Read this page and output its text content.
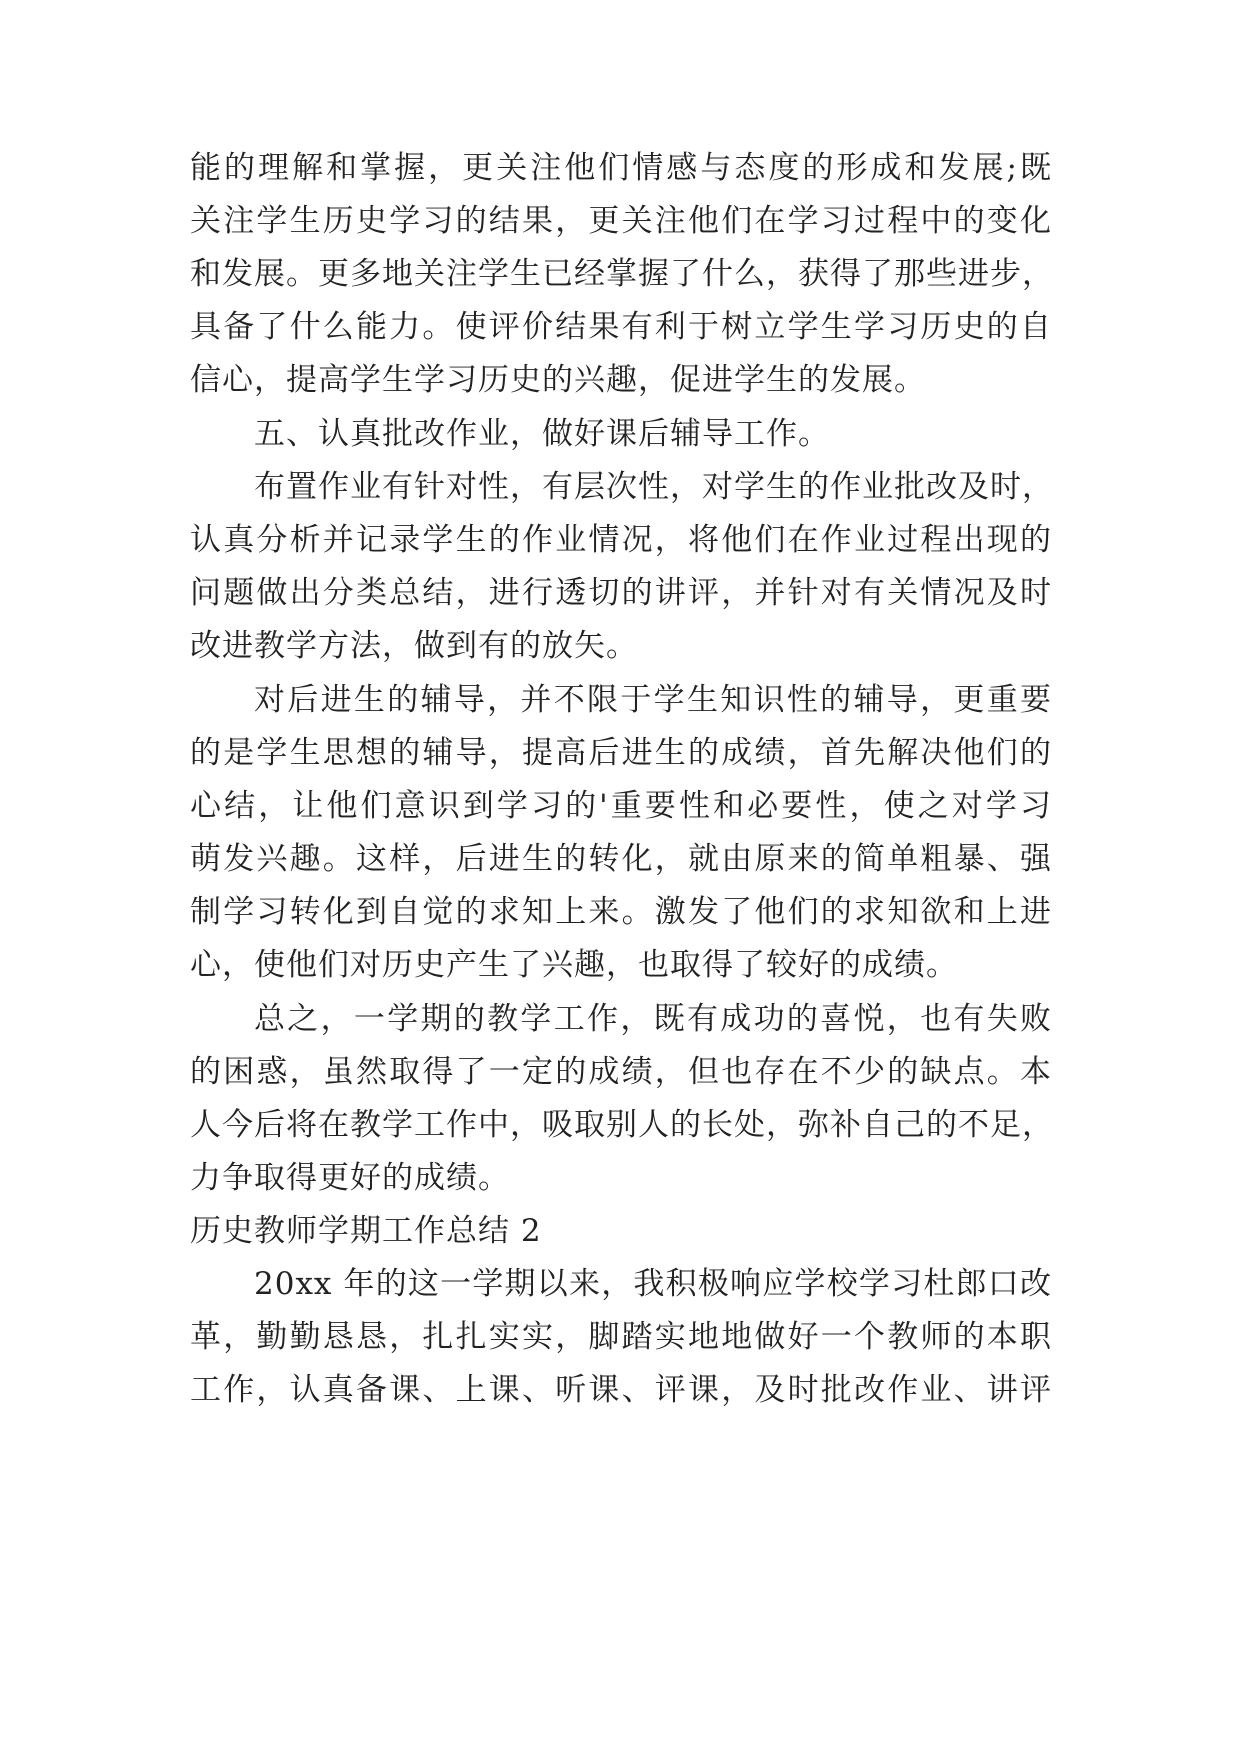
能的理解和掌握，更关注他们情感与态度的形成和发展;既
关注学生历史学习的结果，更关注他们在学习过程中的变化
和发展。更多地关注学生已经掌握了什么，获得了那些进步，
具备了什么能力。使评价结果有利于树立学生学习历史的自
信心，提高学生学习历史的兴趣，促进学生的发展。
五、认真批改作业，做好课后辅导工作。
布置作业有针对性，有层次性，对学生的作业批改及时，
认真分析并记录学生的作业情况，将他们在作业过程出现的
问题做出分类总结，进行透切的讲评，并针对有关情况及时
改进教学方法，做到有的放矢。
对后进生的辅导，并不限于学生知识性的辅导，更重要
的是学生思想的辅导，提高后进生的成绩，首先解决他们的
心结，让他们意识到学习的'重要性和必要性，使之对学习
萌发兴趣。这样，后进生的转化，就由原来的简单粗暴、强
制学习转化到自觉的求知上来。激发了他们的求知欲和上进
心，使他们对历史产生了兴趣，也取得了较好的成绩。
总之，一学期的教学工作，既有成功的喜悦，也有失败
的困惑，虽然取得了一定的成绩，但也存在不少的缺点。本
人今后将在教学工作中，吸取别人的长处，弥补自己的不足，
力争取得更好的成绩。
历史教师学期工作总结 2
20xx 年的这一学期以来，我积极响应学校学习杜郎口改
革，勤勤恳恳，扎扎实实，脚踏实地地做好一个教师的本职
工作，认真备课、上课、听课、评课，及时批改作业、讲评
